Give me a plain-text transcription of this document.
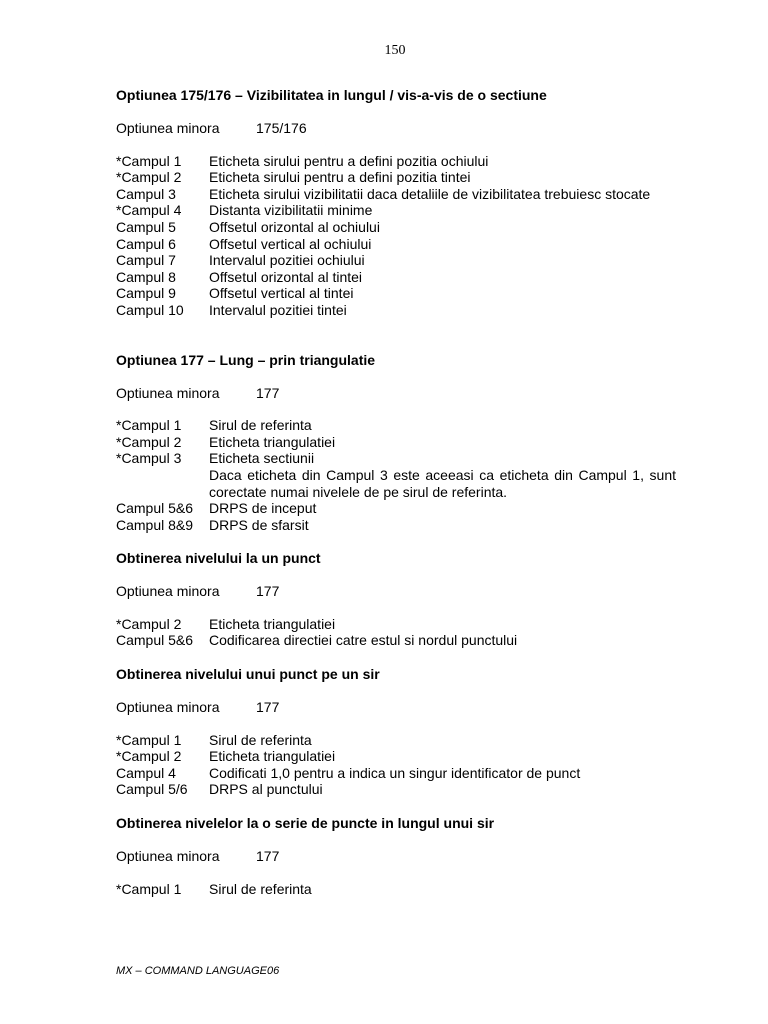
150

Optiunea 175/176 – Vizibilitatea in lungul / vis-a-vis de o sectiune

Optiunea minora	175/176
*Campul 1	Eticheta sirului pentru a defini pozitia ochiului
*Campul 2	Eticheta sirului pentru a defini pozitia tintei
Campul 3	Eticheta sirului vizibilitatii daca detaliile de vizibilitatea trebuiesc stocate
*Campul 4	Distanta vizibilitatii minime
Campul 5	Offsetul orizontal al ochiului
Campul 6	Offsetul vertical al ochiului
Campul 7	Intervalul pozitiei ochiului
Campul 8	Offsetul orizontal al tintei
Campul 9	Offsetul vertical al tintei
Campul 10	Intervalul pozitiei tintei

Optiunea 177 – Lung – prin triangulatie

Optiunea minora	177
*Campul 1	Sirul de referinta
*Campul 2	Eticheta triangulatiei
*Campul 3	Eticheta sectiunii
Daca eticheta din Campul 3 este aceeasi ca eticheta din Campul 1, sunt corectate numai nivelele de pe sirul de referinta.
Campul 5&6	DRPS de inceput
Campul 8&9	DRPS de sfarsit

Obtinerea nivelului la un punct

Optiunea minora	177
*Campul 2	Eticheta triangulatiei
Campul 5&6	Codificarea directiei catre estul si nordul punctului

Obtinerea nivelului unui punct pe un sir

Optiunea minora	177
*Campul 1	Sirul de referinta
*Campul 2	Eticheta triangulatiei
Campul 4	Codificati 1,0 pentru a indica un singur identificator de punct
Campul 5/6	DRPS al punctului

Obtinerea nivelelor la o serie de puncte in lungul unui sir

Optiunea minora	177
*Campul 1	Sirul de referinta
MX – COMMAND LANGUAGE06
